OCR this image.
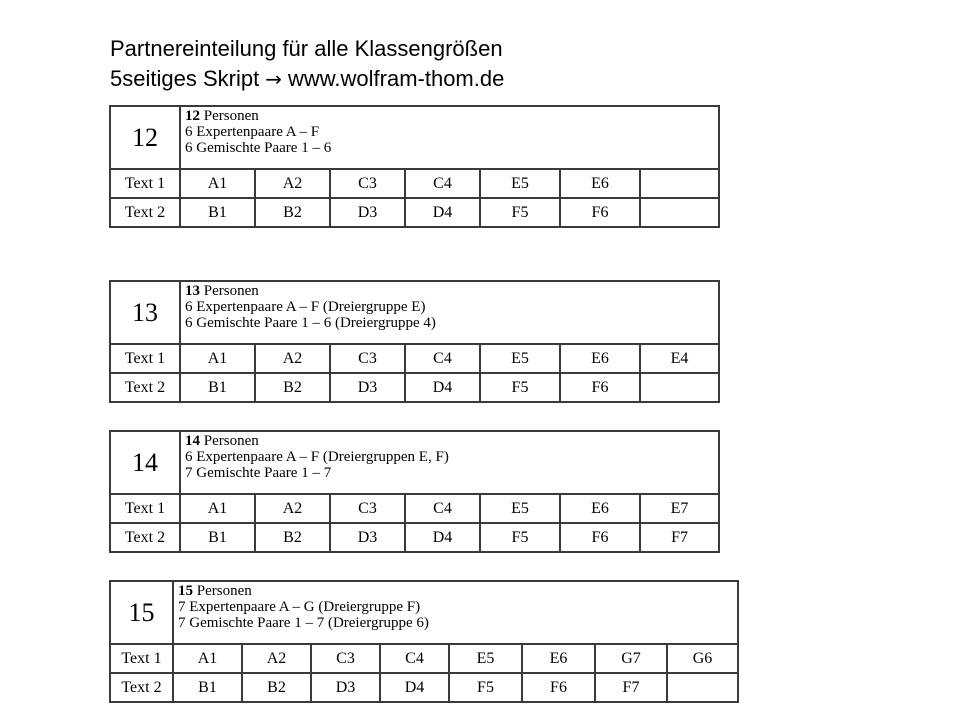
Partnereinteilung für alle Klassengrößen
5seitiges Skript → www.wolfram-thom.de
12	12 Personen
6 Expertenpaare A – F
6 Gemischte Paare 1 – 6						

Text 1	A1	A2	C3	C4	E5	E6	
Text 2	B1	B2	D3	D4	F5	F6	
13	13 Personen
6 Expertenpaare A – F (Dreiergruppe E)
6 Gemischte Paare 1 – 6 (Dreiergruppe 4)						

Text 1	A1	A2	C3	C4	E5	E6	E4
Text 2	B1	B2	D3	D4	F5	F6	
14	14 Personen
6 Expertenpaare A – F (Dreiergruppen E, F)
7 Gemischte Paare 1 – 7						

Text 1	A1	A2	C3	C4	E5	E6	E7
Text 2	B1	B2	D3	D4	F5	F6	F7
15	15 Personen
7 Expertenpaare A – G (Dreiergruppe F)
7 Gemischte Paare 1 – 7 (Dreiergruppe 6)							

Text 1	A1	A2	C3	C4	E5	E6	G7	G6
Text 2	B1	B2	D3	D4	F5	F6	F7	
